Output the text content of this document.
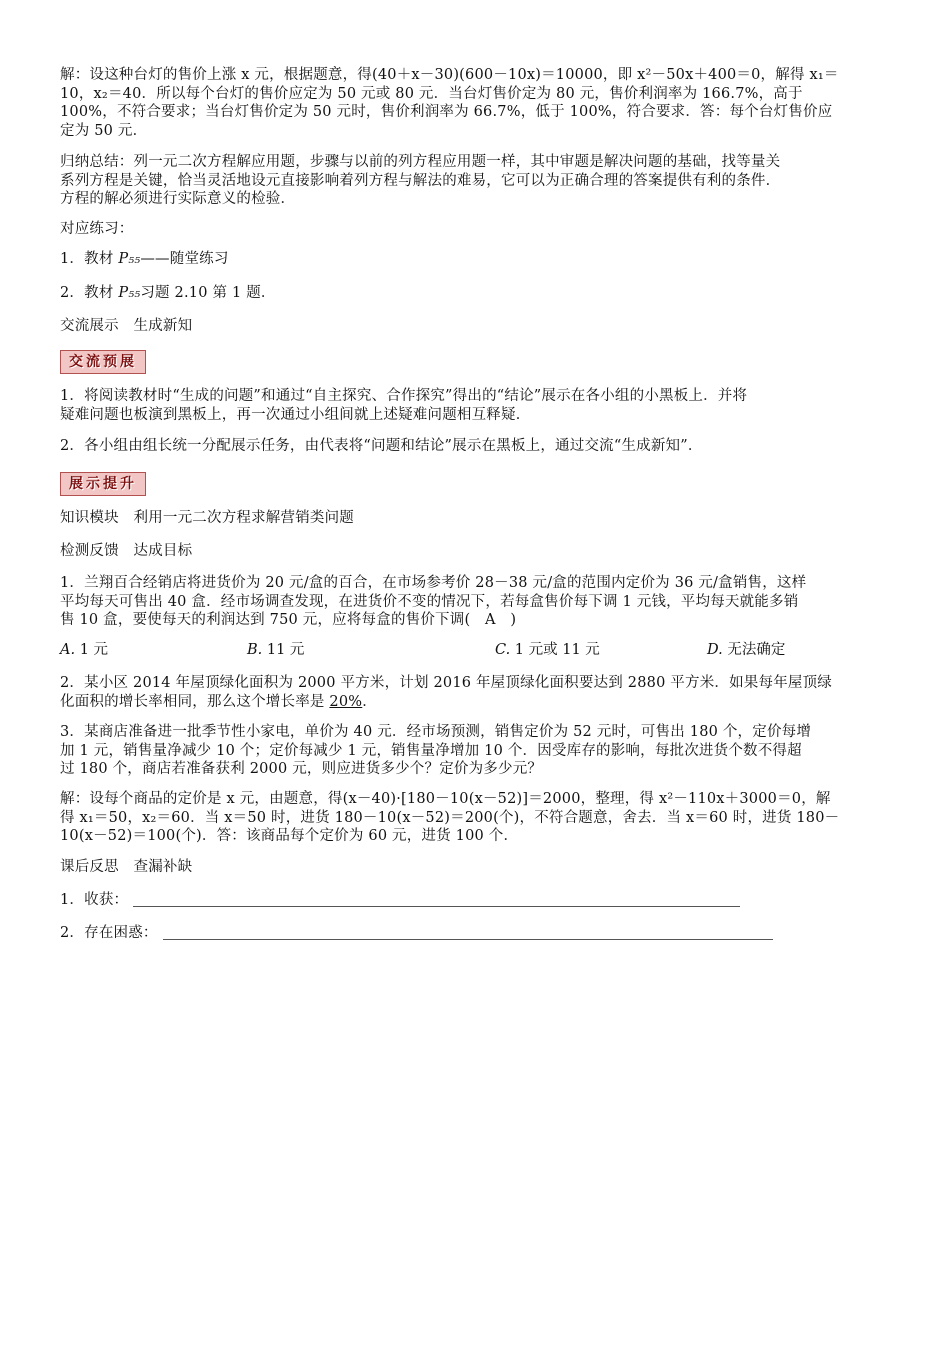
解：设这种台灯的售价上涨 x 元，根据题意，得(40＋x－30)(600－10x)＝10000，即 x²－50x＋400＝0，解得 x₁＝
10，x₂＝40．所以每个台灯的售价应定为 50 元或 80 元．当台灯售价定为 80 元，售价利润率为 166.7%，高于
100%，不符合要求；当台灯售价定为 50 元时，售价利润率为 66.7%，低于 100%，符合要求．答：每个台灯售价应
定为 50 元．
归纳总结：列一元二次方程解应用题，步骤与以前的列方程应用题一样，其中审题是解决问题的基础，找等量关
系列方程是关键，恰当灵活地设元直接影响着列方程与解法的难易，它可以为正确合理的答案提供有利的条件．
方程的解必须进行实际意义的检验．
对应练习：
1．教材 P₅₅——随堂练习
2．教材 P₅₅习题 2.10 第 1 题．
交流展示　生成新知
交流预展
1．将阅读教材时“生成的问题”和通过“自主探究、合作探究”得出的“结论”展示在各小组的小黑板上．并将
疑难问题也板演到黑板上，再一次通过小组间就上述疑难问题相互释疑．
2．各小组由组长统一分配展示任务，由代表将“问题和结论”展示在黑板上，通过交流“生成新知”．
展示提升
知识模块　利用一元二次方程求解营销类问题
检测反馈　达成目标
1．兰翔百合经销店将进货价为 20 元/盒的百合，在市场参考价 28－38 元/盒的范围内定价为 36 元/盒销售，这样
平均每天可售出 40 盒．经市场调查发现，在进货价不变的情况下，若每盒售价每下调 1 元钱，平均每天就能多销
售 10 盒，要使每天的利润达到 750 元，应将每盒的售价下调(　A　)
A. 1 元	B. 11 元	C. 1 元或 11 元	D. 无法确定
2．某小区 2014 年屋顶绿化面积为 2000 平方米，计划 2016 年屋顶绿化面积要达到 2880 平方米．如果每年屋顶绿
化面积的增长率相同，那么这个增长率是 20%．
3．某商店准备进一批季节性小家电，单价为 40 元．经市场预测，销售定价为 52 元时，可售出 180 个，定价每增
加 1 元，销售量净减少 10 个；定价每减少 1 元，销售量净增加 10 个．因受库存的影响，每批次进货个数不得超
过 180 个，商店若准备获利 2000 元，则应进货多少个？定价为多少元？
解：设每个商品的定价是 x 元，由题意，得(x－40)·[180－10(x－52)]＝2000，整理，得 x²－110x＋3000＝0，解
得 x₁＝50，x₂＝60．当 x＝50 时，进货 180－10(x－52)＝200(个)，不符合题意，舍去．当 x＝60 时，进货 180－
10(x－52)＝100(个)．答：该商品每个定价为 60 元，进货 100 个．
课后反思　查漏补缺
1．收获：
2．存在困惑：
